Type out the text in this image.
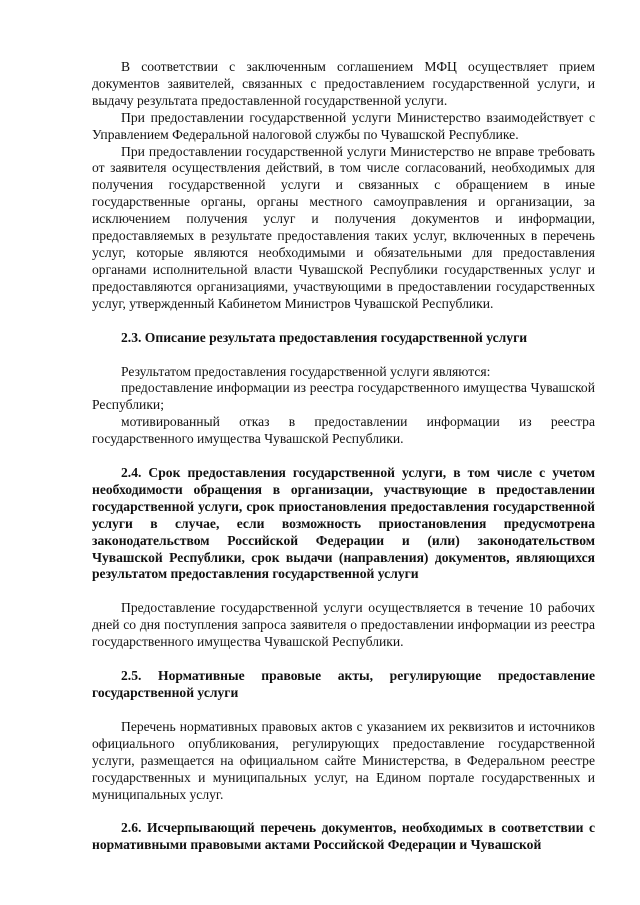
В соответствии с заключенным соглашением МФЦ осуществляет прием документов заявителей, связанных с предоставлением государственной услуги, и выдачу результата предоставленной государственной услуги.

При предоставлении государственной услуги Министерство взаимодействует с Управлением Федеральной налоговой службы по Чувашской Республике.

При предоставлении государственной услуги Министерство не вправе требовать от заявителя осуществления действий, в том числе согласований, необходимых для получения государственной услуги и связанных с обращением в иные государственные органы, органы местного самоуправления и организации, за исключением получения услуг и получения документов и информации, предоставляемых в результате предоставления таких услуг, включенных в перечень услуг, которые являются необходимыми и обязательными для предоставления органами исполнительной власти Чувашской Республики государственных услуг и предоставляются организациями, участвующими в предоставлении государственных услуг, утвержденный Кабинетом Министров Чувашской Республики.

2.3. Описание результата предоставления государственной услуги

Результатом предоставления государственной услуги являются:

предоставление информации из реестра государственного имущества Чувашской Республики;

мотивированный отказ в предоставлении информации из реестра государственного имущества Чувашской Республики.

2.4. Срок предоставления государственной услуги, в том числе с учетом необходимости обращения в организации, участвующие в предоставлении государственной услуги, срок приостановления предоставления государственной услуги в случае, если возможность приостановления предусмотрена законодательством Российской Федерации и (или) законодательством Чувашской Республики, срок выдачи (направления) документов, являющихся результатом предоставления государственной услуги

Предоставление государственной услуги осуществляется в течение 10 рабочих дней со дня поступления запроса заявителя о предоставлении информации из реестра государственного имущества Чувашской Республики.

2.5. Нормативные правовые акты, регулирующие предоставление государственной услуги

Перечень нормативных правовых актов с указанием их реквизитов и источников официального опубликования, регулирующих предоставление государственной услуги, размещается на официальном сайте Министерства, в Федеральном реестре государственных и муниципальных услуг, на Едином портале государственных и муниципальных услуг.

2.6. Исчерпывающий перечень документов, необходимых в соответствии с нормативными правовыми актами Российской Федерации и Чувашской
